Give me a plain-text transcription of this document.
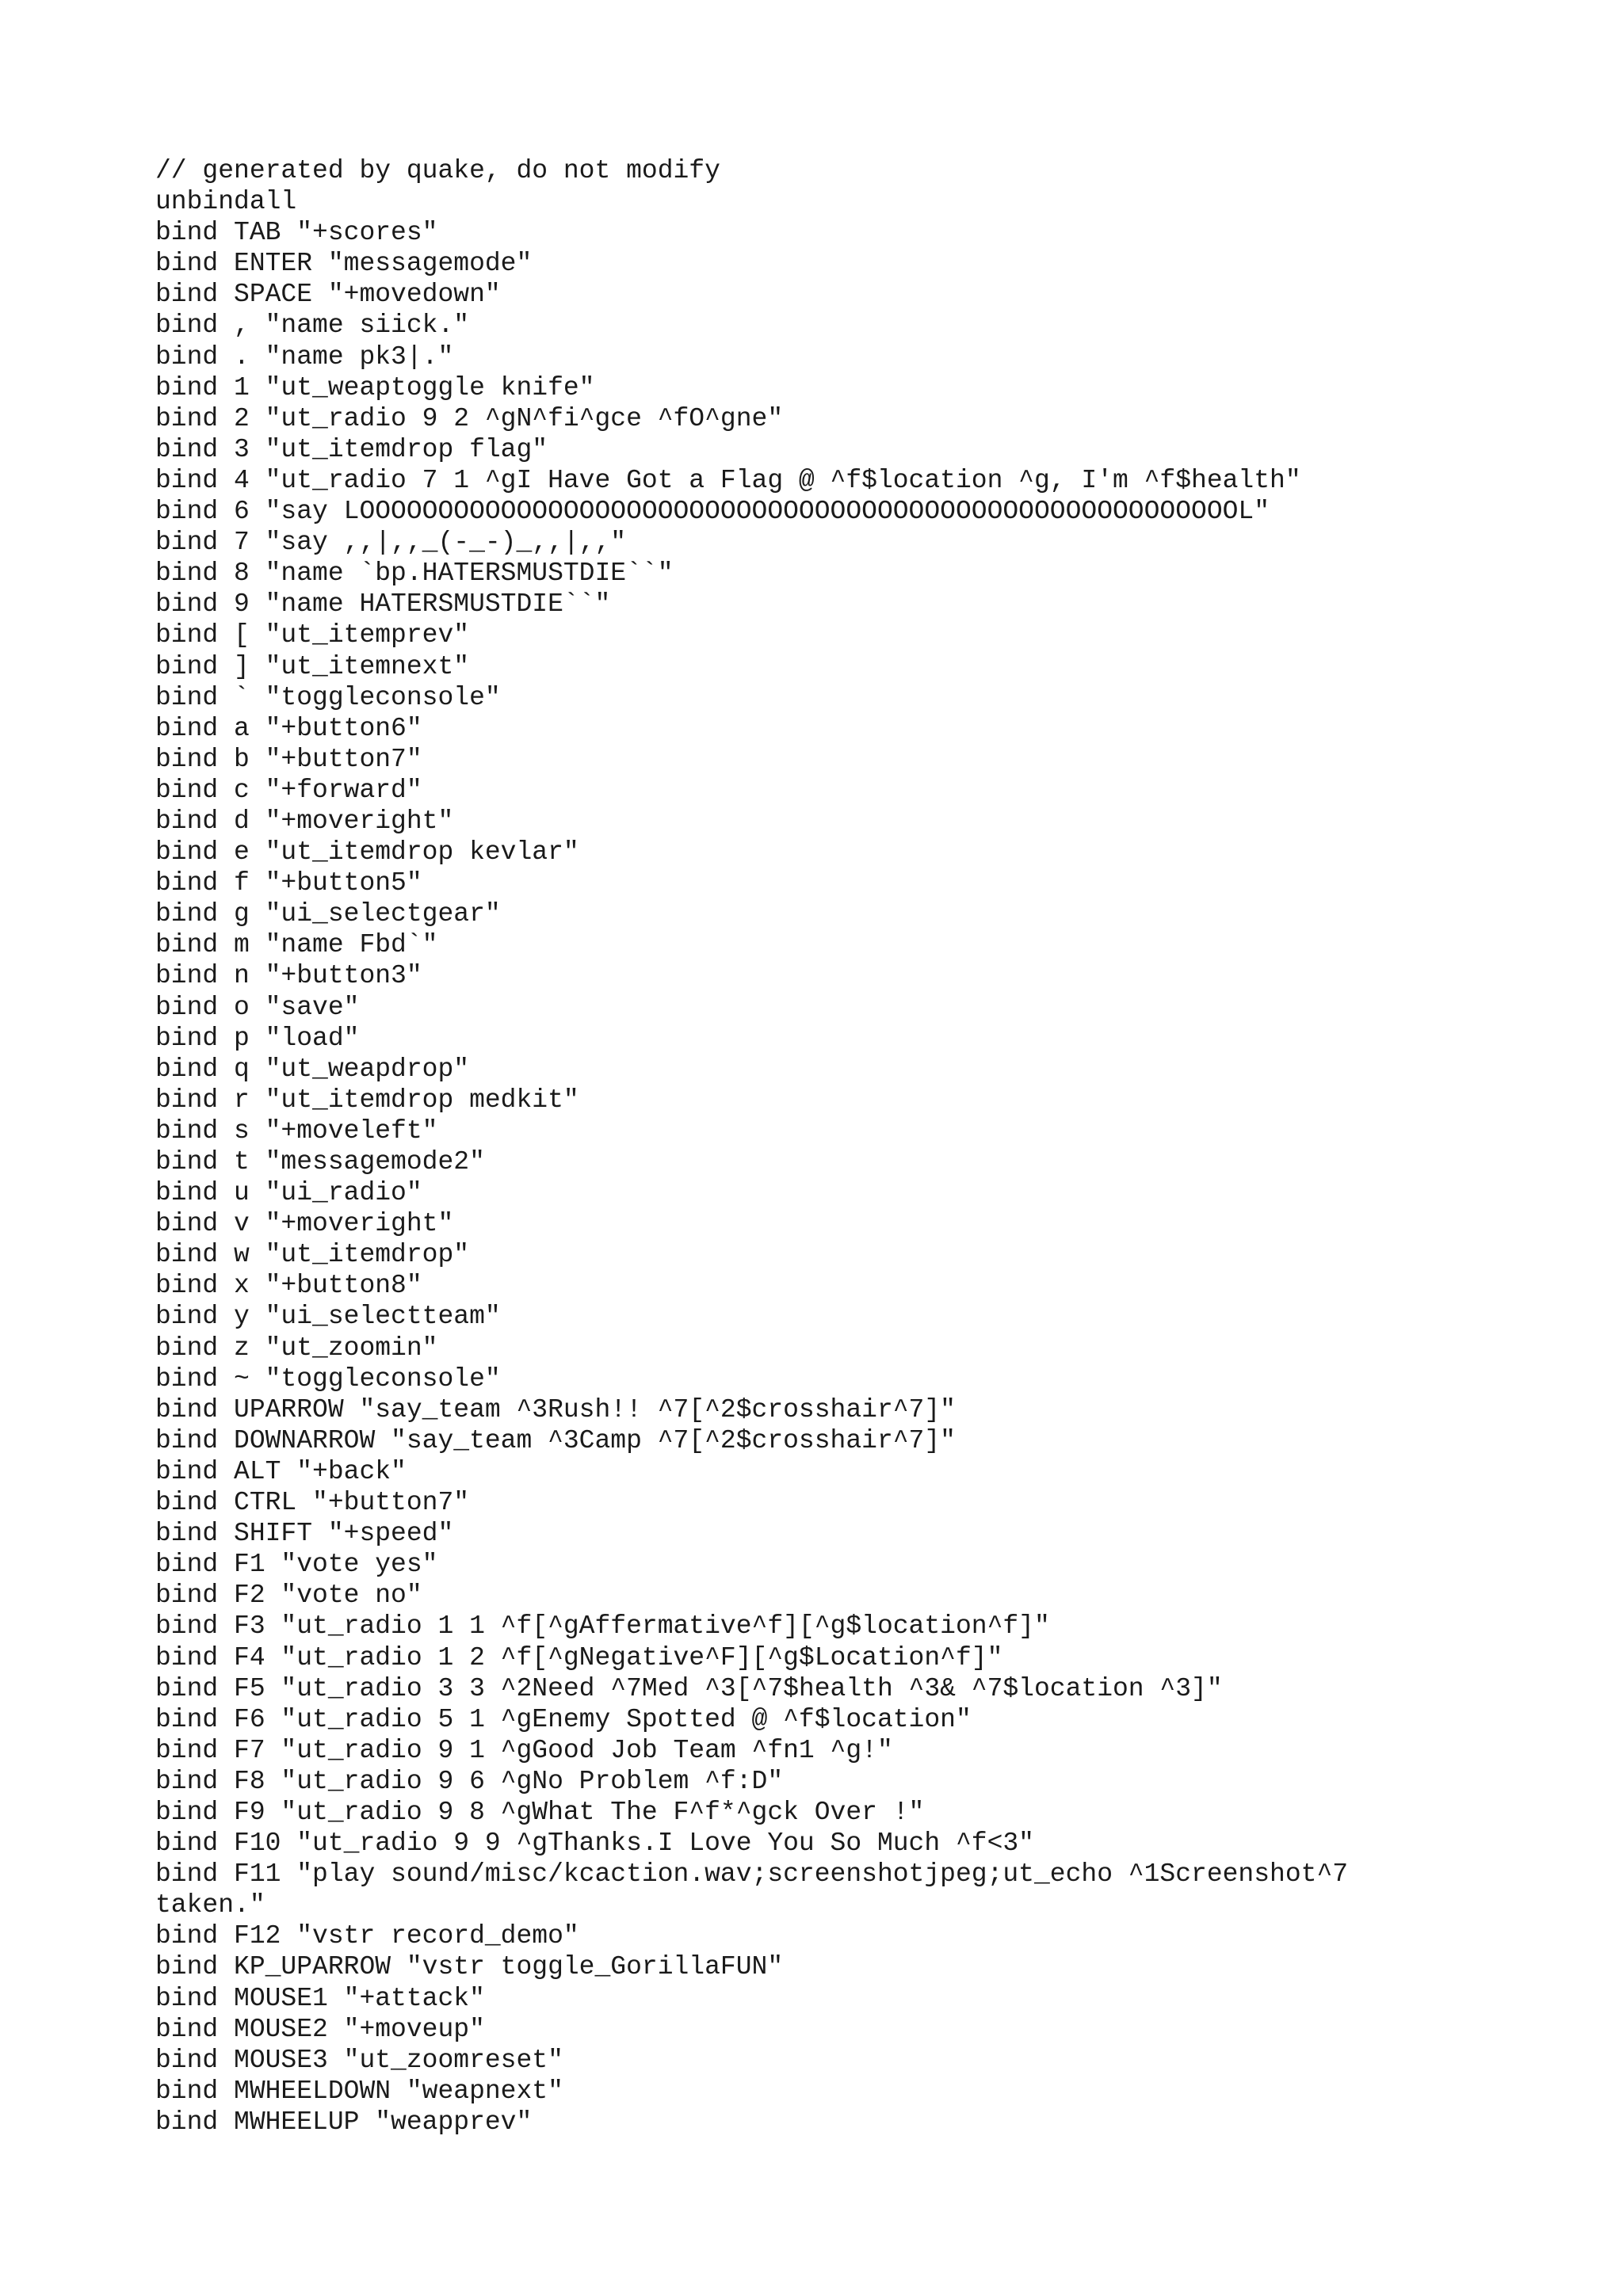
// generated by quake, do not modify
unbindall
bind TAB "+scores"
bind ENTER "messagemode"
bind SPACE "+movedown"
bind , "name siick."
bind . "name pk3|."
bind 1 "ut_weaptoggle knife"
bind 2 "ut_radio 9 2 ^gN^fi^gce ^fO^gne"
bind 3 "ut_itemdrop flag"
bind 4 "ut_radio 7 1 ^gI Have Got a Flag @ ^f$location ^g, I'm ^f$health"
bind 6 "say LOOOOOOOOOOOOOOOOOOOOOOOOOOOOOOOOOOOOOOOOOOOOOOOOOOOOOOOOL"
bind 7 "say ,,|,,_(-_-)_,,|,,"
bind 8 "name `bp.HATERSMUSTDIE``"
bind 9 "name HATERSMUSTDIE``"
bind [ "ut_itemprev"
bind ] "ut_itemnext"
bind ` "toggleconsole"
bind a "+button6"
bind b "+button7"
bind c "+forward"
bind d "+moveright"
bind e "ut_itemdrop kevlar"
bind f "+button5"
bind g "ui_selectgear"
bind m "name Fbd`"
bind n "+button3"
bind o "save"
bind p "load"
bind q "ut_weapdrop"
bind r "ut_itemdrop medkit"
bind s "+moveleft"
bind t "messagemode2"
bind u "ui_radio"
bind v "+moveright"
bind w "ut_itemdrop"
bind x "+button8"
bind y "ui_selectteam"
bind z "ut_zoomin"
bind ~ "toggleconsole"
bind UPARROW "say_team ^3Rush!! ^7[^2$crosshair^7]"
bind DOWNARROW "say_team ^3Camp ^7[^2$crosshair^7]"
bind ALT "+back"
bind CTRL "+button7"
bind SHIFT "+speed"
bind F1 "vote yes"
bind F2 "vote no"
bind F3 "ut_radio 1 1 ^f[^gAffermative^f][^g$location^f]"
bind F4 "ut_radio 1 2 ^f[^gNegative^F][^g$Location^f]"
bind F5 "ut_radio 3 3 ^2Need ^7Med ^3[^7$health ^3& ^7$location ^3]"
bind F6 "ut_radio 5 1 ^gEnemy Spotted @ ^f$location"
bind F7 "ut_radio 9 1 ^gGood Job Team ^fn1 ^g!"
bind F8 "ut_radio 9 6 ^gNo Problem ^f:D"
bind F9 "ut_radio 9 8 ^gWhat The F^f*^gck Over !"
bind F10 "ut_radio 9 9 ^gThanks.I Love You So Much ^f<3"
bind F11 "play sound/misc/kcaction.wav;screenshotjpeg;ut_echo ^1Screenshot^7
taken."
bind F12 "vstr record_demo"
bind KP_UPARROW "vstr toggle_GorillaFUN"
bind MOUSE1 "+attack"
bind MOUSE2 "+moveup"
bind MOUSE3 "ut_zoomreset"
bind MWHEELDOWN "weapnext"
bind MWHEELUP "weapprev"
